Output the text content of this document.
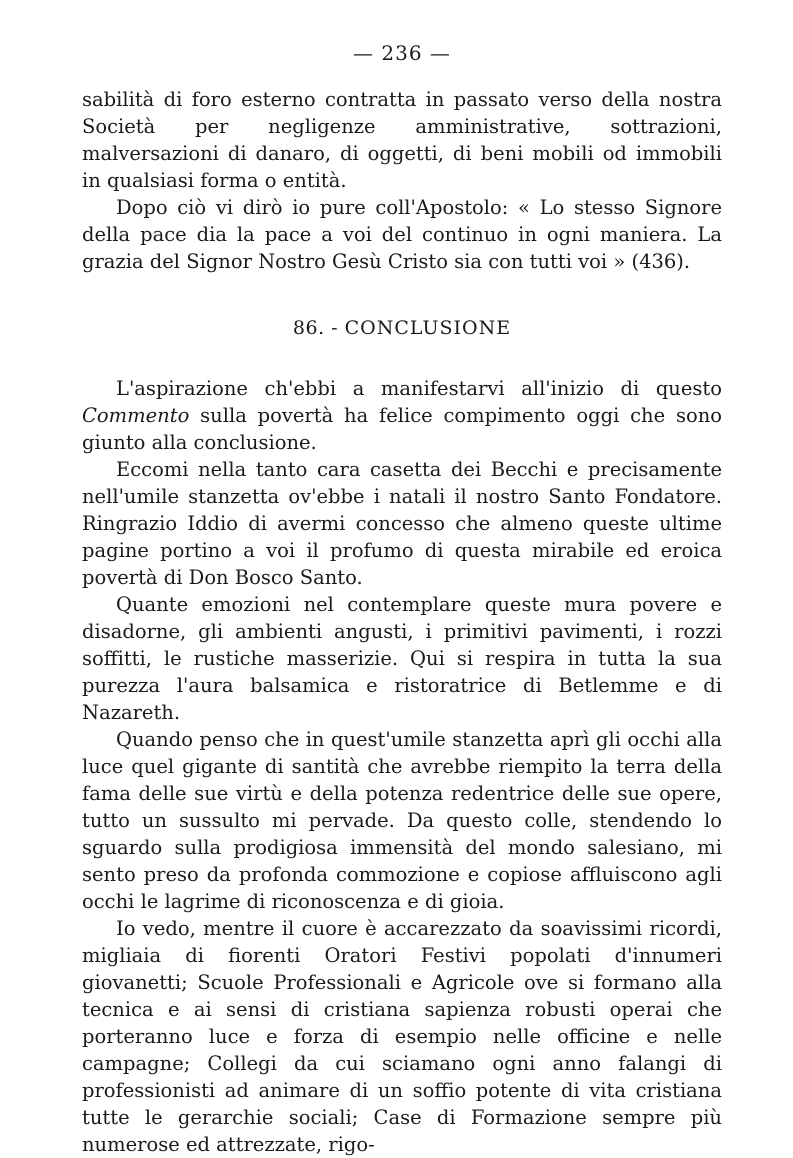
— 236 —

sabilità di foro esterno contratta in passato verso della nostra Società per negligenze amministrative, sottrazioni, malversazioni di danaro, di oggetti, di beni mobili od immobili in qualsiasi forma o entità.

Dopo ciò vi dirò io pure coll'Apostolo: « Lo stesso Signore della pace dia la pace a voi del continuo in ogni maniera. La grazia del Signor Nostro Gesù Cristo sia con tutti voi » (436).

86. - CONCLUSIONE

L'aspirazione ch'ebbi a manifestarvi all'inizio di questo Commento sulla povertà ha felice compimento oggi che sono giunto alla conclusione.

Eccomi nella tanto cara casetta dei Becchi e precisamente nell'umile stanzetta ov'ebbe i natali il nostro Santo Fondatore. Ringrazio Iddio di avermi concesso che almeno queste ultime pagine portino a voi il profumo di questa mirabile ed eroica povertà di Don Bosco Santo.

Quante emozioni nel contemplare queste mura povere e disadorne, gli ambienti angusti, i primitivi pavimenti, i rozzi soffitti, le rustiche masserizie. Qui si respira in tutta la sua purezza l'aura balsamica e ristoratrice di Betlemme e di Nazareth.

Quando penso che in quest'umile stanzetta aprì gli occhi alla luce quel gigante di santità che avrebbe riempito la terra della fama delle sue virtù e della potenza redentrice delle sue opere, tutto un sussulto mi pervade. Da questo colle, stendendo lo sguardo sulla prodigiosa immensità del mondo salesiano, mi sento preso da profonda commozione e copiose affluiscono agli occhi le lagrime di riconoscenza e di gioia.

Io vedo, mentre il cuore è accarezzato da soavissimi ricordi, migliaia di fiorenti Oratori Festivi popolati d'innumeri giovanetti; Scuole Professionali e Agricole ove si formano alla tecnica e ai sensi di cristiana sapienza robusti operai che porteranno luce e forza di esempio nelle officine e nelle campagne; Collegi da cui sciamano ogni anno falangi di professionisti ad animare di un soffio potente di vita cristiana tutte le gerarchie sociali; Case di Formazione sempre più numerose ed attrezzate, rigo-
